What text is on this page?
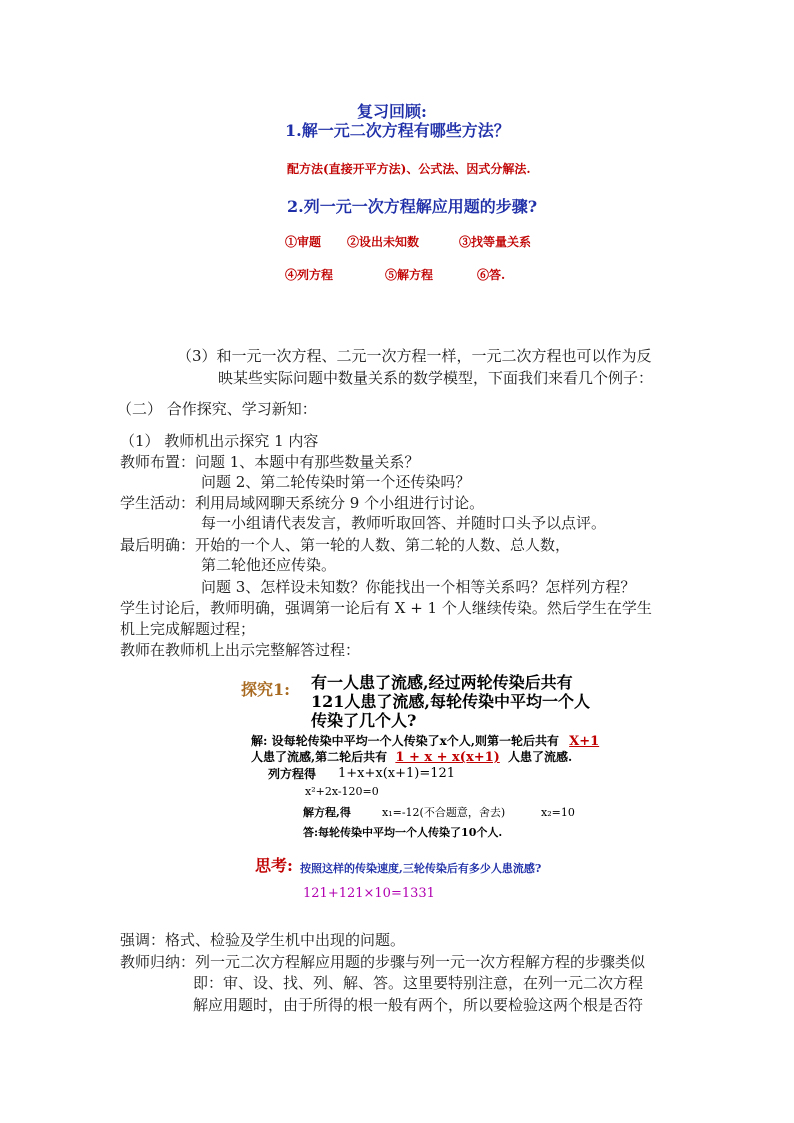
复习回顾:
1.解一元二次方程有哪些方法？
配方法(直接开平方法)、公式法、因式分解法.
2.列一元一次方程解应用题的步骤?
①审题 ②设出未知数	③找等量关系
④列方程	⑤解方程	⑥答.
（3）和一元一次方程、二元一次方程一样，一元二次方程也可以作为反
映某些实际问题中数量关系的数学模型，下面我们来看几个例子：
（二） 合作探究、学习新知：
（1） 教师机出示探究 1 内容
教师布置：问题 1、本题中有那些数量关系？
问题 2、第二轮传染时第一个还传染吗？
学生活动：利用局域网聊天系统分 9 个小组进行讨论。
每一小组请代表发言，教师听取回答、并随时口头予以点评。
最后明确：开始的一个人、第一轮的人数、第二轮的人数、总人数，
第二轮他还应传染。
问题 3、怎样设未知数？你能找出一个相等关系吗？怎样列方程？
学生讨论后，教师明确，强调第一论后有 X + 1 个人继续传染。然后学生在学生
机上完成解题过程；
教师在教师机上出示完整解答过程：
探究1: 有一人患了流感,经过两轮传染后共有
121人患了流感,每轮传染中平均一个人
传染了几个人?
解: 设每轮传染中平均一个人传染了x个人,则第一轮后共有 X+1
人患了流感,第二轮后共有 1 + x + x(x+1) 人患了流感.
列方程得 1+x+x(x+1)=121
x²+2x-120=0
解方程,得	x₁=-12(不合题意，舍去)	x₂=10
答:每轮传染中平均一个人传染了10个人.
思考: 按照这样的传染速度,三轮传染后有多少人患流感?
121+121×10=1331
强调：格式、检验及学生机中出现的问题。
教师归纳：列一元二次方程解应用题的步骤与列一元一次方程解方程的步骤类似
即：审、设、找、列、解、答。这里要特别注意，在列一元二次方程
解应用题时，由于所得的根一般有两个，所以要检验这两个根是否符
